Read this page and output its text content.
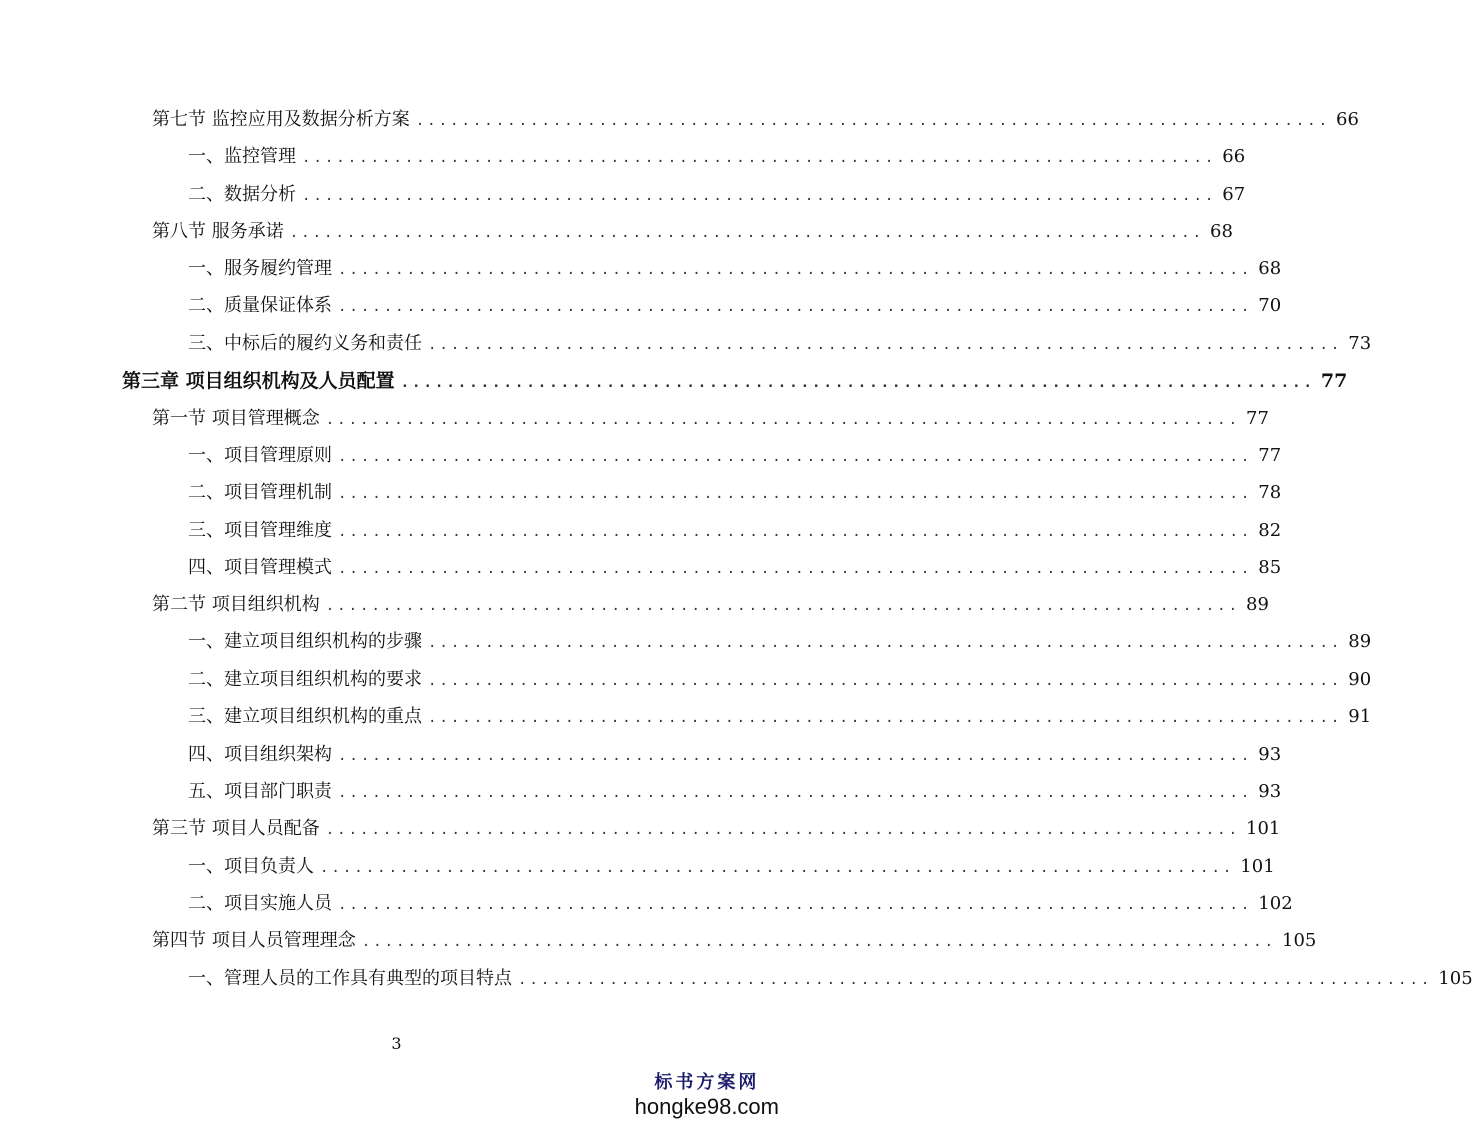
第七节 监控应用及数据分析方案 ................................................................................ 66
一、监控管理 ................................................................................ 66
二、数据分析 ................................................................................ 67
第八节 服务承诺 ................................................................................ 68
一、服务履约管理 ................................................................................ 68
二、质量保证体系 ................................................................................ 70
三、中标后的履约义务和责任 ................................................................................ 73
第三章 项目组织机构及人员配置 ................................................................................ 77
第一节 项目管理概念 ................................................................................ 77
一、项目管理原则 ................................................................................ 77
二、项目管理机制 ................................................................................ 78
三、项目管理维度 ................................................................................ 82
四、项目管理模式 ................................................................................ 85
第二节 项目组织机构 ................................................................................ 89
一、建立项目组织机构的步骤 ................................................................................ 89
二、建立项目组织机构的要求 ................................................................................ 90
三、建立项目组织机构的重点 ................................................................................ 91
四、项目组织架构 ................................................................................ 93
五、项目部门职责 ................................................................................ 93
第三节 项目人员配备 ................................................................................ 101
一、项目负责人 ................................................................................ 101
二、项目实施人员 ................................................................................ 102
第四节 项目人员管理理念 ................................................................................ 105
一、管理人员的工作具有典型的项目特点 ................................................................................ 105
3
标书方案网
hongke98.com
